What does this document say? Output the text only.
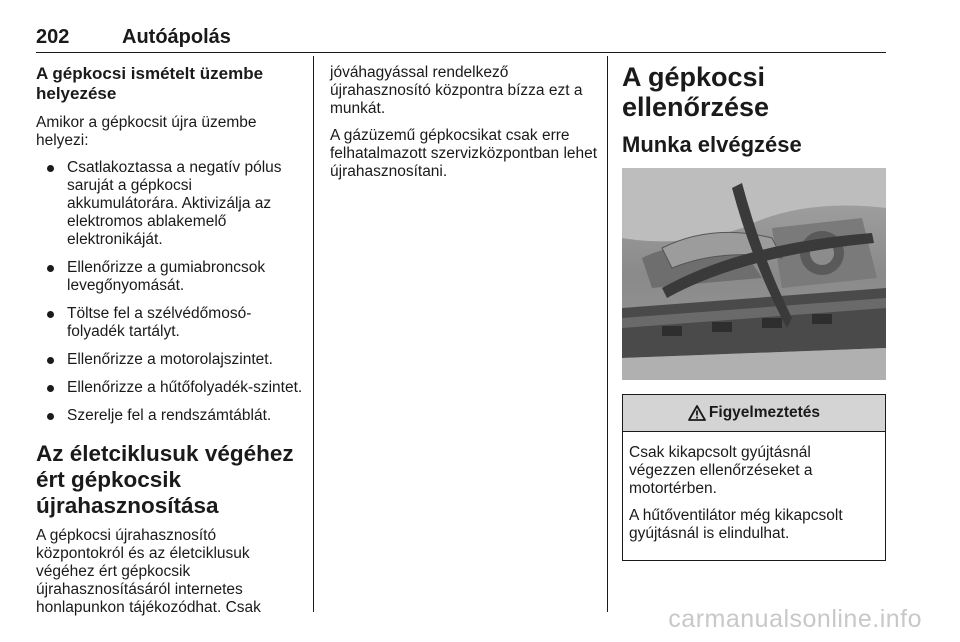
202	Autóápolás
A gépkocsi ismételt üzembe helyezése

Amikor a gépkocsit újra üzembe helyezi:

Csatlakoztassa a negatív pólus saruját a gépkocsi akkumulátorára. Aktivizálja az elektromos ablakemelő elektronikáját.
Ellenőrizze a gumiabroncsok levegőnyomását.
Töltse fel a szélvédőmosó-folyadék tartályt.
Ellenőrizze a motorolajszintet.
Ellenőrizze a hűtőfolyadék-szintet.
Szerelje fel a rendszámtáblát.
Az életciklusuk végéhez ért gépkocsik újrahasznosítása

A gépkocsi újrahasznosító központokról és az életciklusuk végéhez ért gépkocsik újrahasznosításáról internetes honlapunkon tájékozódhat. Csak

jóváhagyással rendelkező újrahasznosító központra bízza ezt a munkát.

A gázüzemű gépkocsikat csak erre felhatalmazott szervizközpontban lehet újrahasznosítani.

A gépkocsi ellenőrzése
Munka elvégzése
Figyelmeztetés

Csak kikapcsolt gyújtásnál végezzen ellenőrzéseket a motortérben.

A hűtőventilátor még kikapcsolt gyújtásnál is elindulhat.

carmanualsonline.info
